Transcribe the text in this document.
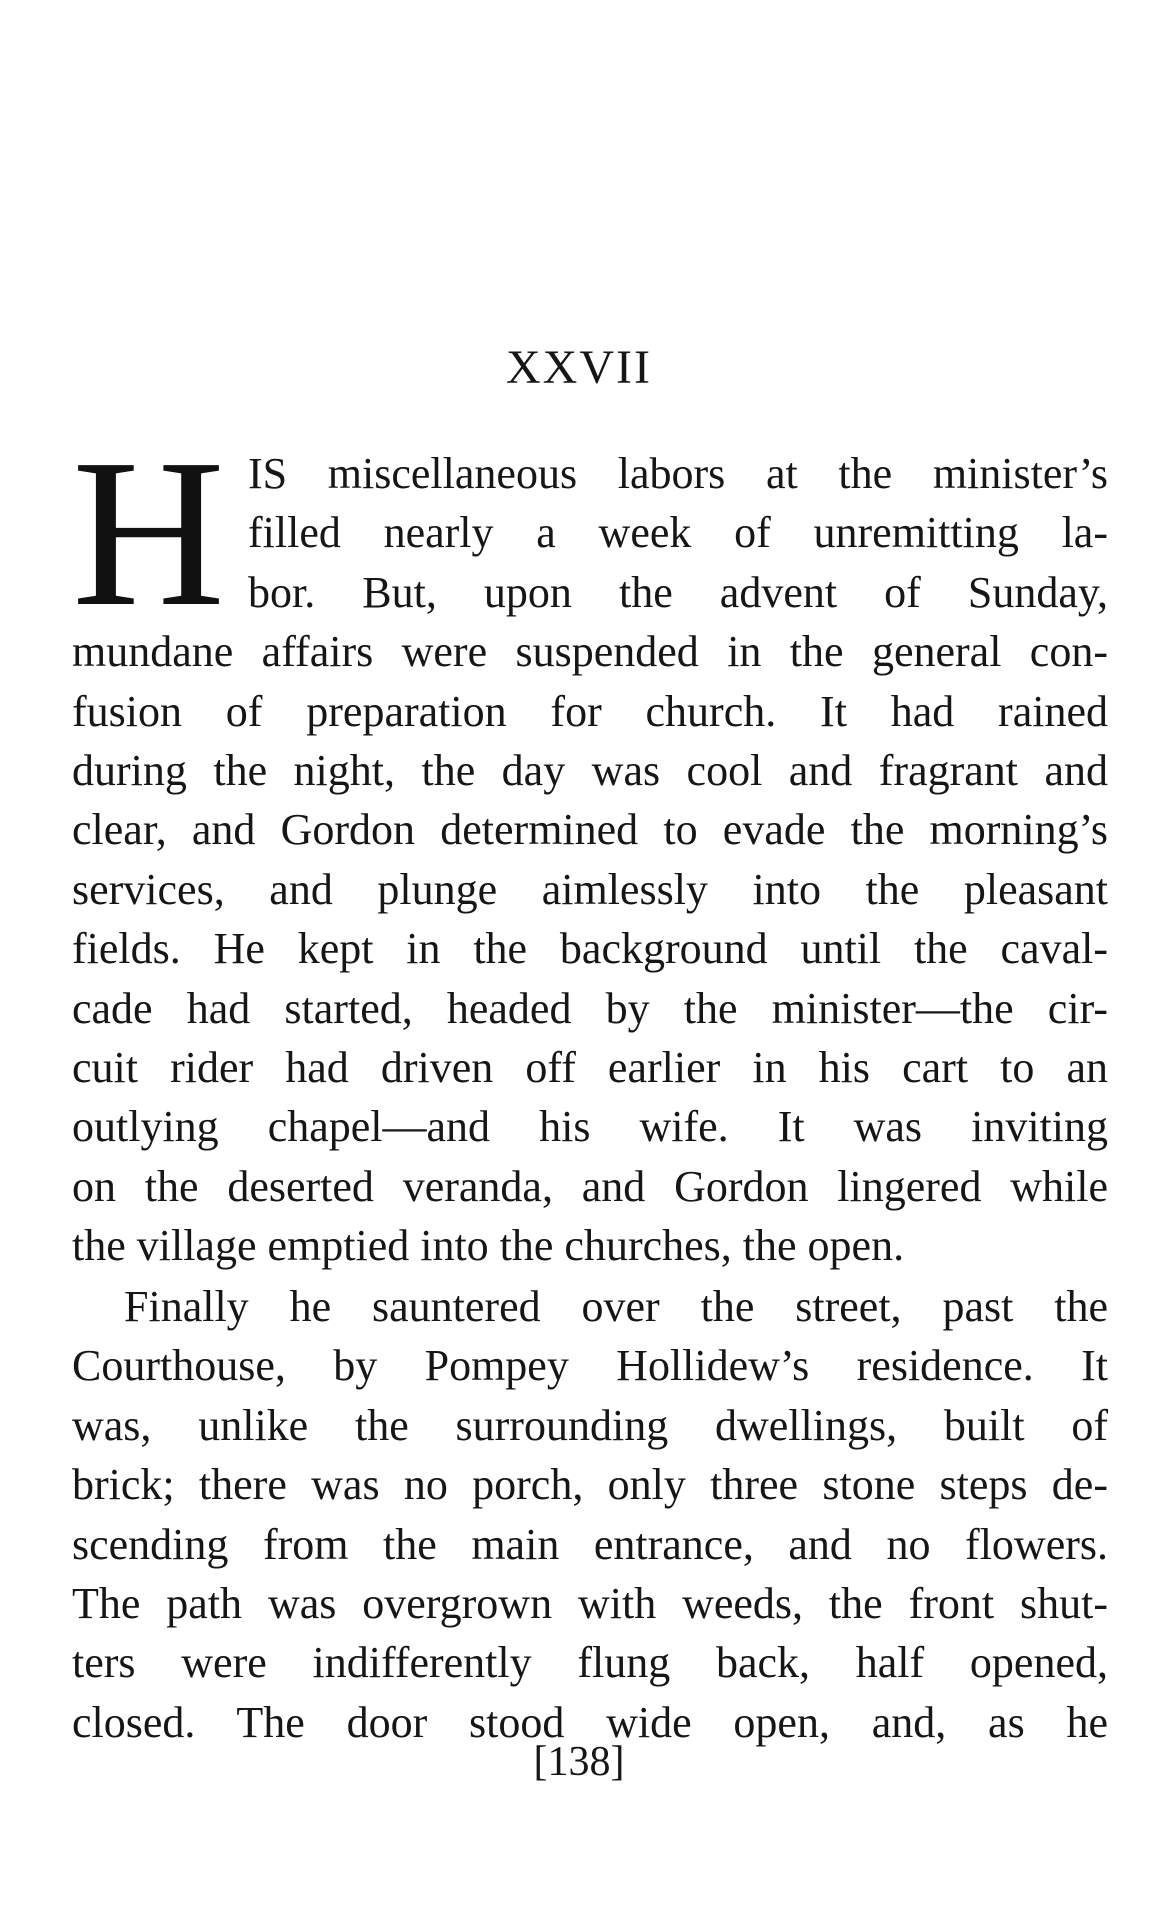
XXVII
H IS miscellaneous labors at the minister’s
filled nearly a week of unremitting la-
bor. But, upon the advent of Sunday,
mundane affairs were suspended in the general con-
fusion of preparation for church. It had rained
during the night, the day was cool and fragrant and
clear, and Gordon determined to evade the morning’s
services, and plunge aimlessly into the pleasant
fields. He kept in the background until the caval-
cade had started, headed by the minister—the cir-
cuit rider had driven off earlier in his cart to an
outlying chapel—and his wife. It was inviting
on the deserted veranda, and Gordon lingered while
the village emptied into the churches, the open.
Finally he sauntered over the street, past the
Courthouse, by Pompey Hollidew’s residence. It
was, unlike the surrounding dwellings, built of
brick; there was no porch, only three stone steps de-
scending from the main entrance, and no flowers.
The path was overgrown with weeds, the front shut-
ters were indifferently flung back, half opened,
closed. The door stood wide open, and, as he
[138]
